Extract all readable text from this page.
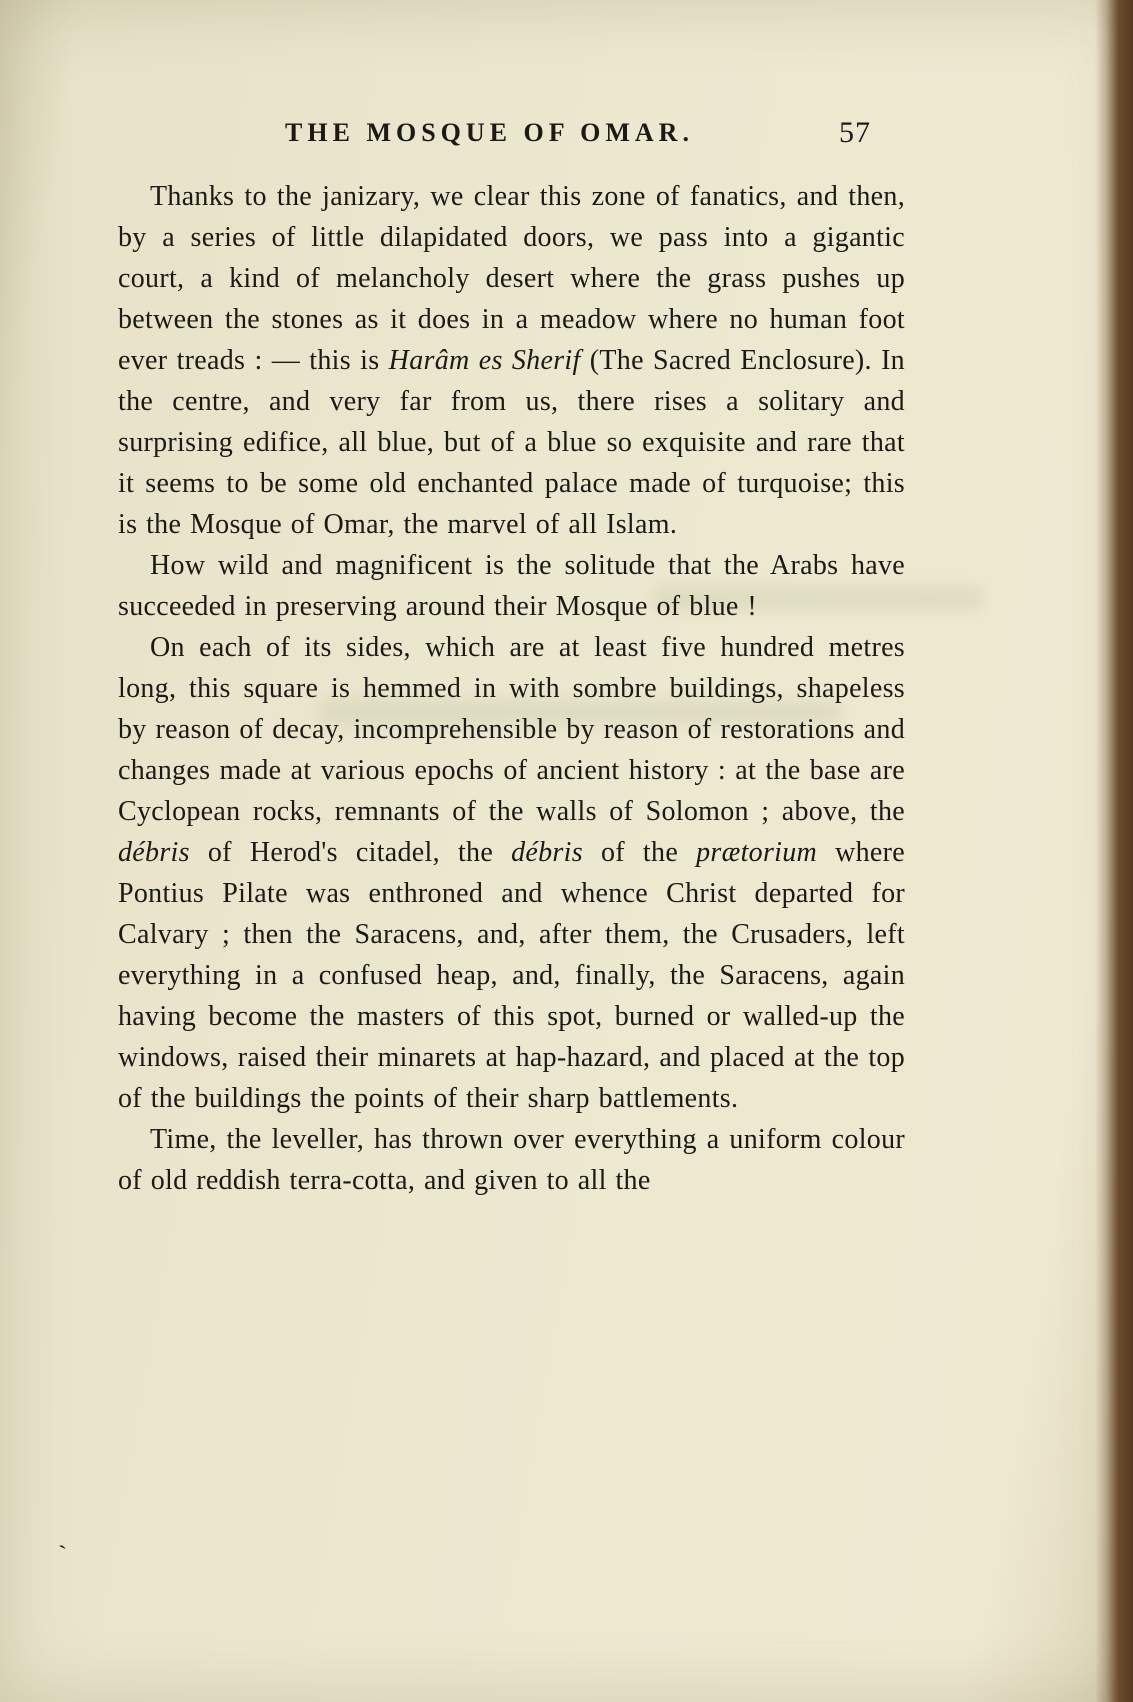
THE MOSQUE OF OMAR.	57

Thanks to the janizary, we clear this zone of fanatics, and then, by a series of little dilapidated doors, we pass into a gigantic court, a kind of melancholy desert where the grass pushes up between the stones as it does in a meadow where no human foot ever treads : — this is Harâm es Sherif (The Sacred Enclosure). In the centre, and very far from us, there rises a solitary and surprising edifice, all blue, but of a blue so exquisite and rare that it seems to be some old enchanted palace made of turquoise; this is the Mosque of Omar, the marvel of all Islam.

How wild and magnificent is the solitude that the Arabs have succeeded in preserving around their Mosque of blue !

On each of its sides, which are at least five hundred metres long, this square is hemmed in with sombre buildings, shapeless by reason of decay, incomprehensible by reason of restorations and changes made at various epochs of ancient history : at the base are Cyclopean rocks, remnants of the walls of Solomon ; above, the débris of Herod's citadel, the débris of the prætorium where Pontius Pilate was enthroned and whence Christ departed for Calvary ; then the Saracens, and, after them, the Crusaders, left everything in a confused heap, and, finally, the Saracens, again having become the masters of this spot, burned or walled-up the windows, raised their minarets at hap-hazard, and placed at the top of the buildings the points of their sharp battlements.

Time, the leveller, has thrown over everything a uniform colour of old reddish terra-cotta, and given to all the

ˋ
